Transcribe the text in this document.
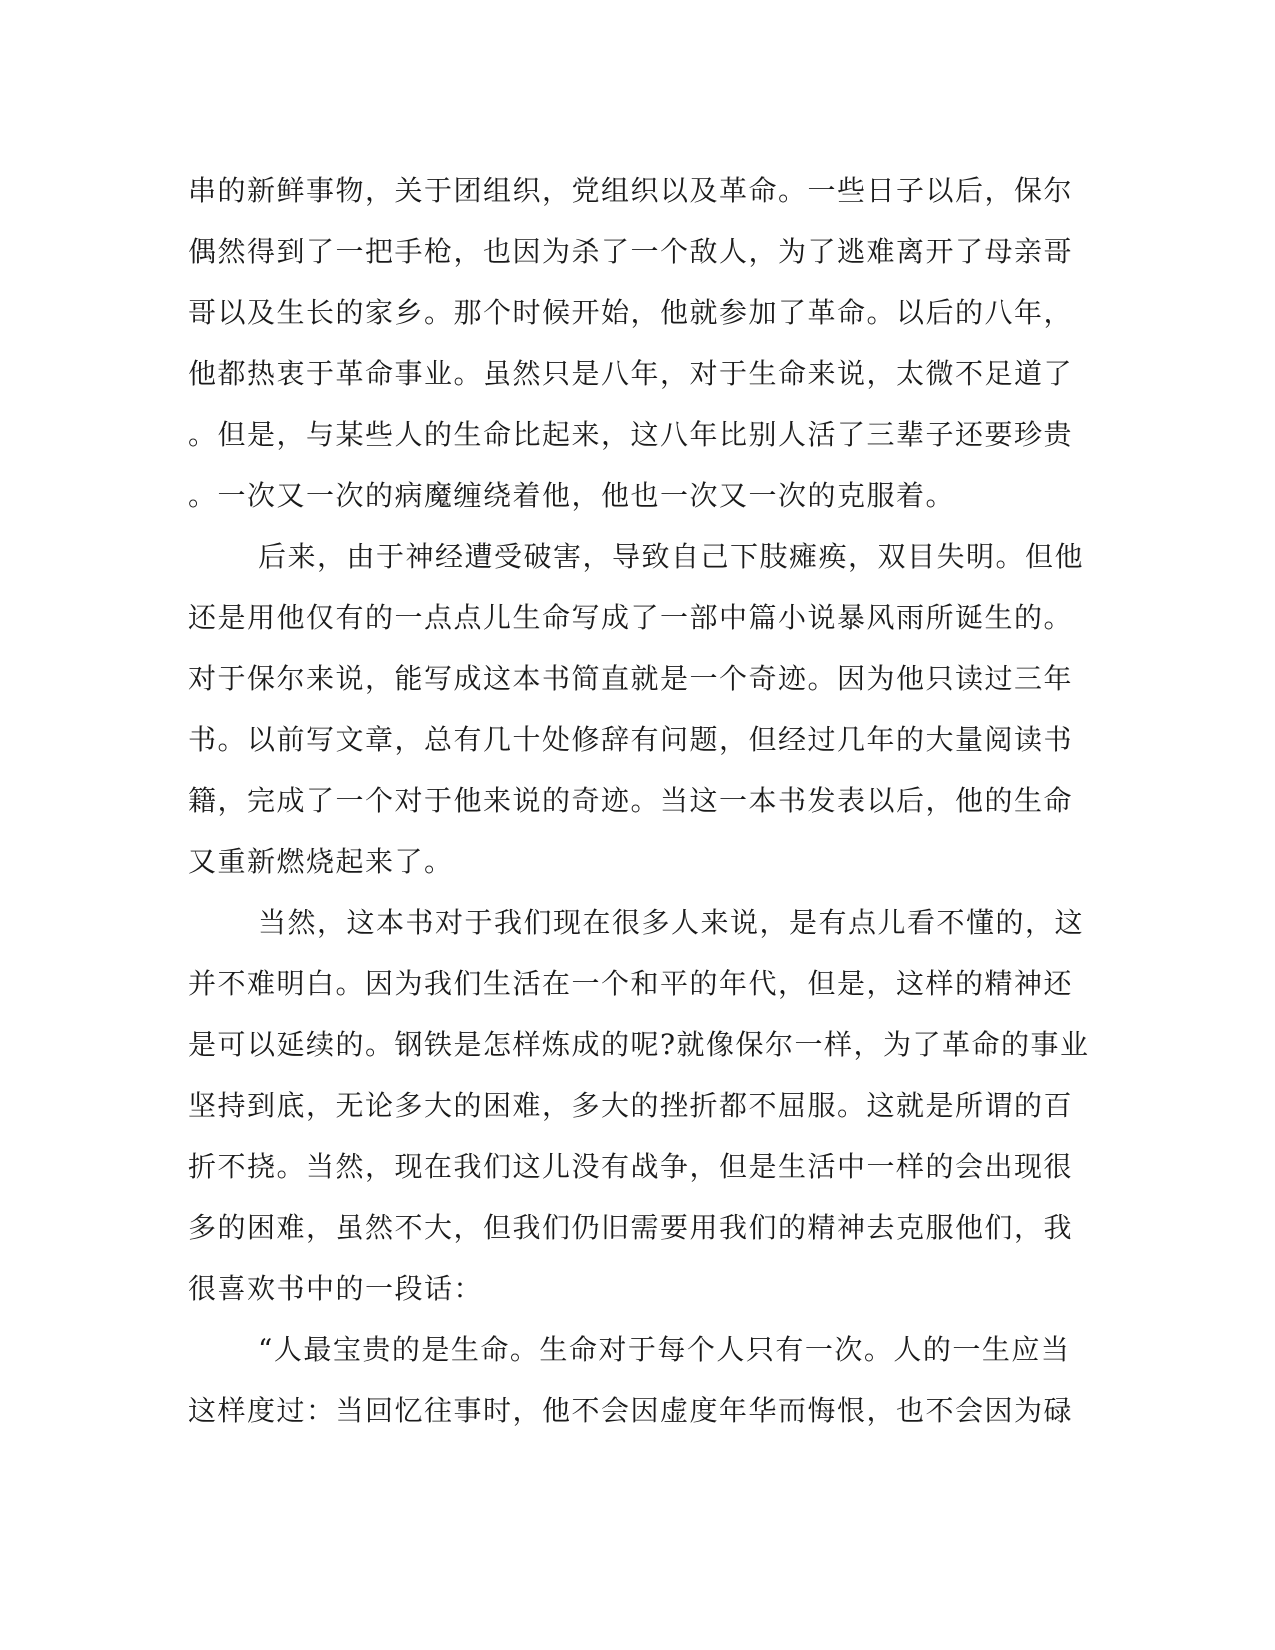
串的新鲜事物，关于团组织，党组织以及革命。一些日子以后，保尔
偶然得到了一把手枪，也因为杀了一个敌人，为了逃难离开了母亲哥
哥以及生长的家乡。那个时候开始，他就参加了革命。以后的八年，
他都热衷于革命事业。虽然只是八年，对于生命来说，太微不足道了
。但是，与某些人的生命比起来，这八年比别人活了三辈子还要珍贵
。一次又一次的病魔缠绕着他，他也一次又一次的克服着。
后来，由于神经遭受破害，导致自己下肢瘫痪，双目失明。但他
还是用他仅有的一点点儿生命写成了一部中篇小说暴风雨所诞生的。
对于保尔来说，能写成这本书简直就是一个奇迹。因为他只读过三年
书。以前写文章，总有几十处修辞有问题，但经过几年的大量阅读书
籍，完成了一个对于他来说的奇迹。当这一本书发表以后，他的生命
又重新燃烧起来了。
当然，这本书对于我们现在很多人来说，是有点儿看不懂的，这
并不难明白。因为我们生活在一个和平的年代，但是，这样的精神还
是可以延续的。钢铁是怎样炼成的呢?就像保尔一样，为了革命的事业
坚持到底，无论多大的困难，多大的挫折都不屈服。这就是所谓的百
折不挠。当然，现在我们这儿没有战争，但是生活中一样的会出现很
多的困难，虽然不大，但我们仍旧需要用我们的精神去克服他们，我
很喜欢书中的一段话：
“人最宝贵的是生命。生命对于每个人只有一次。人的一生应当
这样度过：当回忆往事时，他不会因虚度年华而悔恨，也不会因为碌
